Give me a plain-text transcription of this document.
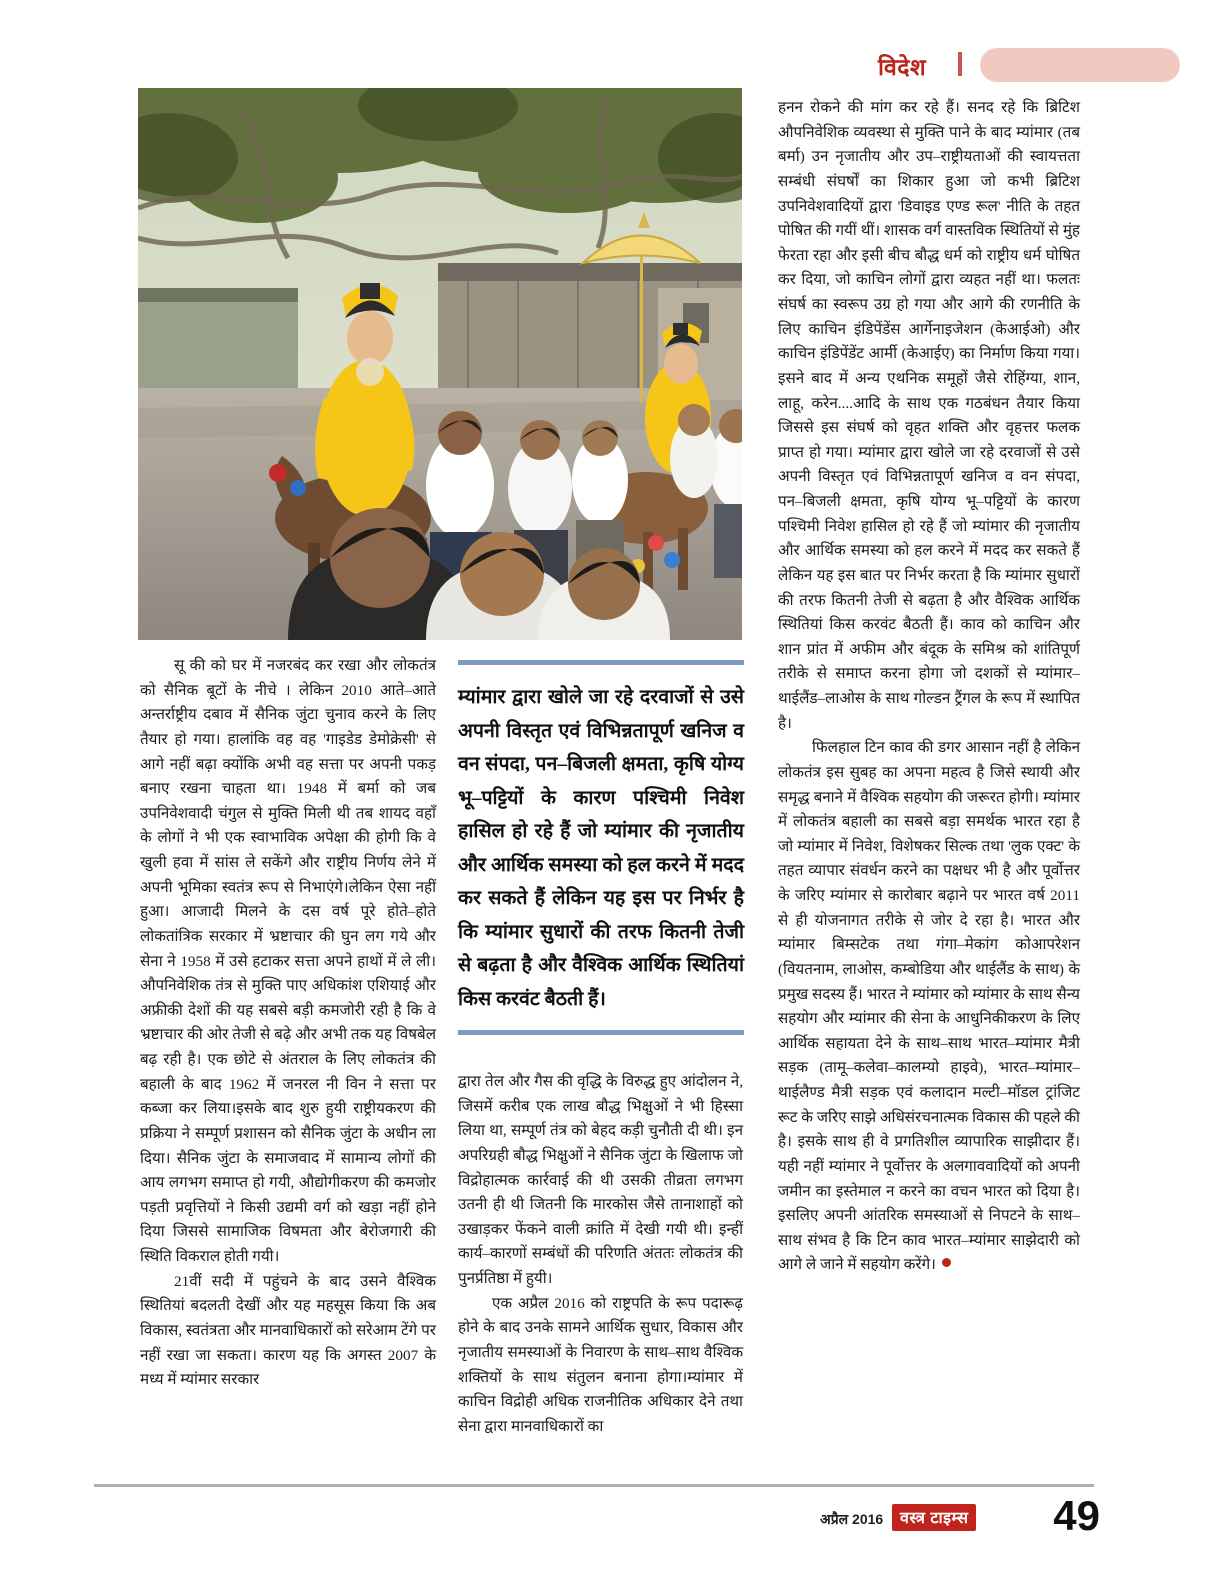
विदेश

सू की को घर में नजरबंद कर रखा और लोकतंत्र को सैनिक बूटों के नीचे । लेकिन 2010 आते–आते अन्तर्राष्ट्रीय दबाव में सैनिक जुंटा चुनाव करने के लिए तैयार हो गया। हालांकि वह वह 'गाइडेड डेमोक्रेसी' से आगे नहीं बढ़ा क्योंकि अभी वह सत्ता पर अपनी पकड़ बनाए रखना चाहता था। 1948 में बर्मा को जब उपनिवेशवादी चंगुल से मुक्ति मिली थी तब शायद वहाँ के लोगों ने भी एक स्वाभाविक अपेक्षा की होगी कि वे खुली हवा में सांस ले सकेंगे और राष्ट्रीय निर्णय लेने में अपनी भूमिका स्वतंत्र रूप से निभाएंगे।लेकिन ऐसा नहीं हुआ। आजादी मिलने के दस वर्ष पूरे होते–होते लोकतांत्रिक सरकार में भ्रष्टाचार की घुन लग गये और सेना ने 1958 में उसे हटाकर सत्ता अपने हाथों में ले ली। औपनिवेशिक तंत्र से मुक्ति पाए अधिकांश एशियाई और अफ्रीकी देशों की यह सबसे बड़ी कमजोरी रही है कि वे भ्रष्टाचार की ओर तेजी से बढ़े और अभी तक यह विषबेल बढ़ रही है। एक छोटे से अंतराल के लिए लोकतंत्र की बहाली के बाद 1962 में जनरल नी विन ने सत्ता पर कब्जा कर लिया।इसके बाद शुरु हुयी राष्ट्रीयकरण की प्रक्रिया ने सम्पूर्ण प्रशासन को सैनिक जुंटा के अधीन ला दिया। सैनिक जुंटा के समाजवाद में सामान्य लोगों की आय लगभग समाप्त हो गयी, औद्योगीकरण की कमजोर पड़ती प्रवृत्तियों ने किसी उद्यमी वर्ग को खड़ा नहीं होने दिया जिससे सामाजिक विषमता और बेरोजगारी की स्थिति विकराल होती गयी।

21वीं सदी में पहुंचने के बाद उसने वैश्विक स्थितियां बदलती देखीं और यह महसूस किया कि अब विकास, स्वतंत्रता और मानवाधिकारों को सरेआम टेंगे पर नहीं रखा जा सकता। कारण यह कि अगस्त 2007 के मध्य में म्यांमार सरकार

म्यांमार द्वारा खोले जा रहे दरवाजों से उसे अपनी विस्तृत एवं विभिन्नतापूर्ण खनिज व वन संपदा, पन–बिजली क्षमता, कृषि योग्य भू–पट्टियों के कारण पश्चिमी निवेश हासिल हो रहे हैं जो म्यांमार की नृजातीय और आर्थिक समस्या को हल करने में मदद कर सकते हैं लेकिन यह इस पर निर्भर है कि म्यांमार सुधारों की तरफ कितनी तेजी से बढ़ता है और वैश्विक आर्थिक स्थितियां किस करवंट बैठती हैं।

द्वारा तेल और गैस की वृद्धि के विरुद्ध हुए आंदोलन ने, जिसमें करीब एक लाख बौद्ध भिक्षुओं ने भी हिस्सा लिया था, सम्पूर्ण तंत्र को बेहद कड़ी चुनौती दी थी। इन अपरिग्रही बौद्ध भिक्षुओं ने सैनिक जुंटा के खिलाफ जो विद्रोहात्मक कार्रवाई की थी उसकी तीव्रता लगभग उतनी ही थी जितनी कि मारकोस जैसे तानाशाहों को उखाड़कर फेंकने वाली क्रांति में देखी गयी थी। इन्हीं कार्य–कारणों सम्बंधों की परिणति अंततः लोकतंत्र की पुनर्प्रतिष्ठा में हुयी।

एक अप्रैल 2016 को राष्ट्रपति के रूप पदारूढ़ होने के बाद उनके सामने आर्थिक सुधार, विकास और नृजातीय समस्याओं के निवारण के साथ–साथ वैश्विक शक्तियों के साथ संतुलन बनाना होगा।म्यांमार में काचिन विद्रोही अधिक राजनीतिक अधिकार देने तथा सेना द्वारा मानवाधिकारों का

हनन रोकने की मांग कर रहे हैं। सनद रहे कि ब्रिटिश औपनिवेशिक व्यवस्था से मुक्ति पाने के बाद म्यांमार (तब बर्मा) उन नृजातीय और उप–राष्ट्रीयताओं की स्वायत्तता सम्बंधी संघर्षों का शिकार हुआ जो कभी ब्रिटिश उपनिवेशवादियों द्वारा 'डिवाइड एण्ड रूल' नीति के तहत पोषित की गयीं थीं। शासक वर्ग वास्तविक स्थितियों से मुंह फेरता रहा और इसी बीच बौद्ध धर्म को राष्ट्रीय धर्म घोषित कर दिया, जो काचिन लोगों द्वारा व्यहत नहीं था। फलतः संघर्ष का स्वरूप उग्र हो गया और आगे की रणनीति के लिए काचिन इंडिपेंडेंस आर्गेनाइजेशन (केआईओ) और काचिन इंडिपेंडेंट आर्मी (केआईए) का निर्माण किया गया। इसने बाद में अन्य एथनिक समूहों जैसे रोहिंग्या, शान, लाहू, करेन....आदि के साथ एक गठबंधन तैयार किया जिससे इस संघर्ष को वृहत शक्ति और वृहत्तर फलक प्राप्त हो गया। म्यांमार द्वारा खोले जा रहे दरवाजों से उसे अपनी विस्तृत एवं विभिन्नतापूर्ण खनिज व वन संपदा, पन–बिजली क्षमता, कृषि योग्य भू–पट्टियों के कारण पश्चिमी निवेश हासिल हो रहे हैं जो म्यांमार की नृजातीय और आर्थिक समस्या को हल करने में मदद कर सकते हैं लेकिन यह इस बात पर निर्भर करता है कि म्यांमार सुधारों की तरफ कितनी तेजी से बढ़ता है और वैश्विक आर्थिक स्थितियां किस करवंट बैठती हैं। काव को काचिन और शान प्रांत में अफीम और बंदूक के समिश्र को शांतिपूर्ण तरीके से समाप्त करना होगा जो दशकों से म्यांमार–थाईलैंड–लाओस के साथ गोल्डन ट्रैंगल के रूप में स्थापित है।

फिलहाल टिन काव की डगर आसान नहीं है लेकिन लोकतंत्र इस सुबह का अपना महत्व है जिसे स्थायी और समृद्ध बनाने में वैश्विक सहयोग की जरूरत होगी। म्यांमार में लोकतंत्र बहाली का सबसे बड़ा समर्थक भारत रहा है जो म्यांमार में निवेश, विशेषकर सिल्क तथा 'लुक एक्ट' के तहत व्यापार संवर्धन करने का पक्षधर भी है और पूर्वोत्तर के जरिए म्यांमार से कारोबार बढ़ाने पर भारत वर्ष 2011 से ही योजनागत तरीके से जोर दे रहा है। भारत और म्यांमार बिम्सटेक तथा गंगा–मेकांग कोआपरेशन (वियतनाम, लाओस, कम्बोडिया और थाईलैंड के साथ) के प्रमुख सदस्य हैं। भारत ने म्यांमार को म्यांमार के साथ सैन्य सहयोग और म्यांमार की सेना के आधुनिकीकरण के लिए आर्थिक सहायता देने के साथ–साथ भारत–म्यांमार मैत्री सड़क (तामू–कलेवा–कालम्यो हाइवे), भारत–म्यांमार–थाईलैण्ड मैत्री सड़क एवं कलादान मल्टी–मॉडल ट्रांजिट रूट के जरिए साझे अधिसंरचनात्मक विकास की पहले की है। इसके साथ ही वे प्रगतिशील व्यापारिक साझीदार हैं। यही नहीं म्यांमार ने पूर्वोत्तर के अलगाववादियों को अपनी जमीन का इस्तेमाल न करने का वचन भारत को दिया है।इसलिए अपनी आंतरिक समस्याओं से निपटने के साथ–साथ संभव है कि टिन काव भारत–म्यांमार साझेदारी को आगे ले जाने में सहयोग करेंगे।

अप्रैल 2016	वस्त्र टाइम्स 49
